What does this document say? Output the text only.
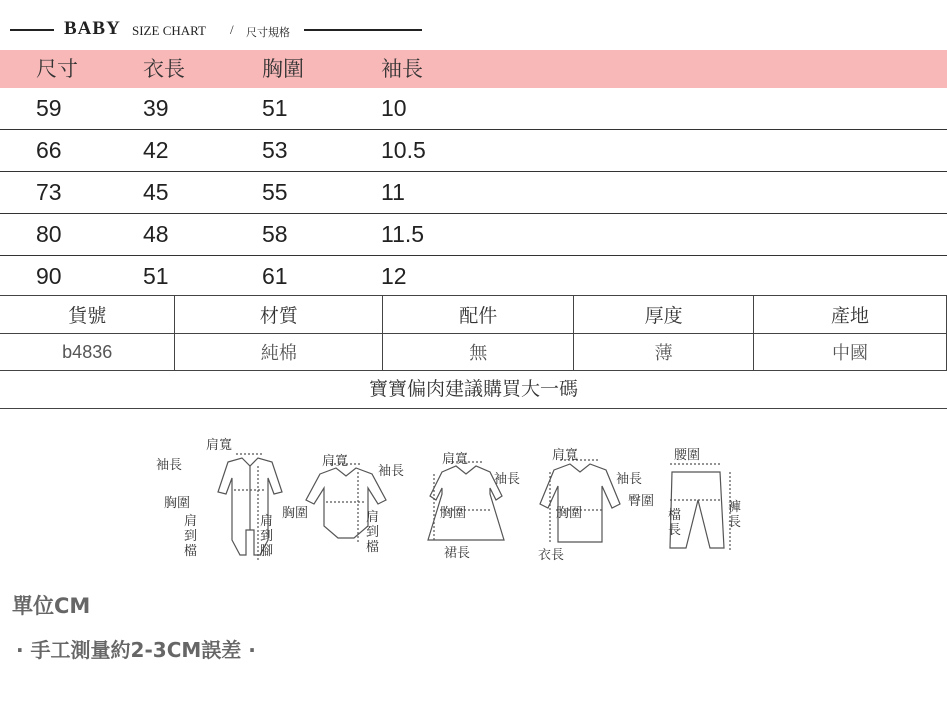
BABY SIZE CHART / 尺寸規格
尺寸	衣長	胸圍	袖長
59	39	51	10
66	42	53	10.5
73	45	55	11
80	48	58	11.5
90	51	61	12
貨號	材質	配件	厚度	產地
b4836	純棉	無	薄	中國
寶寶偏肉建議購買大一碼
肩寬
袖長
胸圍
肩到檔
肩到腳
肩寬
袖長
胸圍	肩到檔
肩寬
袖長
胸圍
裙長
肩寬
袖長
胸圍
衣長
腰圍
臀圍
檔長
褲長
單位CM
· 手工測量約2-3CM誤差 ·
